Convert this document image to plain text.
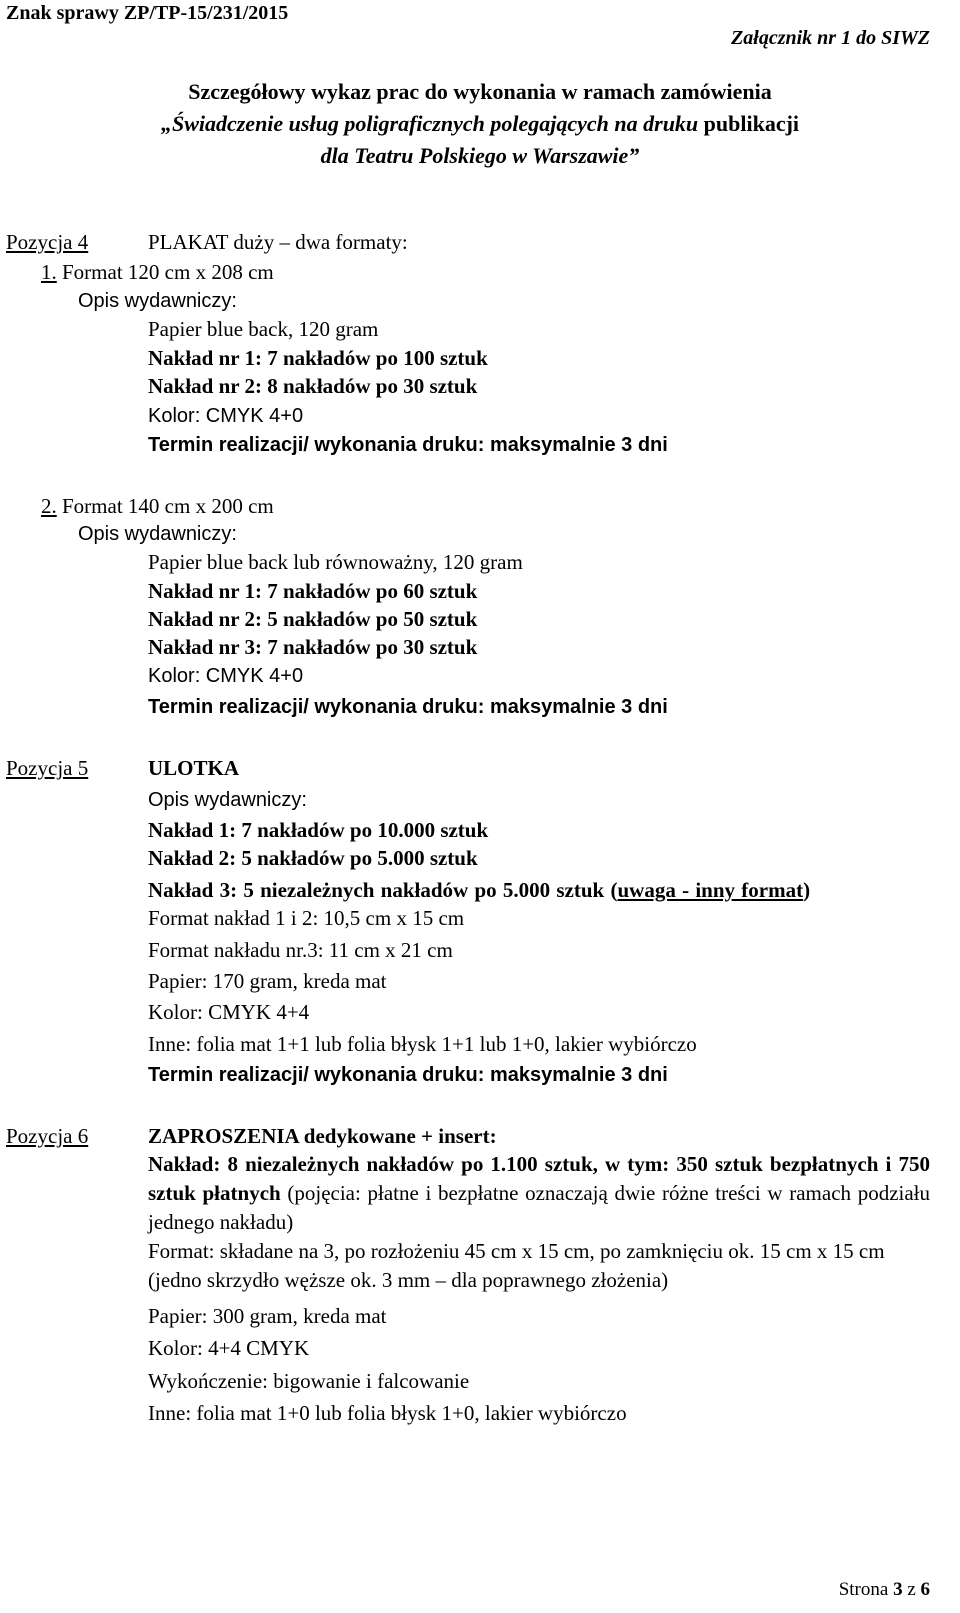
Znak sprawy ZP/TP-15/231/2015
Załącznik nr 1 do SIWZ
Szczegółowy wykaz prac do wykonania w ramach zamówienia
„Świadczenie usług poligraficznych polegających na druku publikacji
dla Teatru Polskiego w Warszawie”
Pozycja 4	PLAKAT duży – dwa formaty:
1. Format 120 cm x 208 cm
Opis wydawniczy:
Papier blue back, 120 gram
Nakład nr 1: 7 nakładów po 100 sztuk
Nakład nr 2: 8 nakładów po 30 sztuk
Kolor: CMYK 4+0
Termin realizacji/ wykonania druku: maksymalnie 3 dni
2. Format 140 cm x 200 cm
Opis wydawniczy:
Papier blue back lub równoważny, 120 gram
Nakład nr 1: 7 nakładów po 60 sztuk
Nakład nr 2: 5 nakładów po 50 sztuk
Nakład nr 3: 7 nakładów po 30 sztuk
Kolor: CMYK 4+0
Termin realizacji/ wykonania druku: maksymalnie 3 dni
Pozycja 5	ULOTKA
Opis wydawniczy:
Nakład 1: 7 nakładów po 10.000 sztuk
Nakład 2: 5 nakładów po 5.000 sztuk
Nakład 3: 5 niezależnych nakładów po 5.000 sztuk (uwaga - inny format)
Format nakład 1 i 2: 10,5 cm x 15 cm
Format nakładu nr.3: 11 cm x 21 cm
Papier: 170 gram, kreda mat
Kolor: CMYK 4+4
Inne: folia mat 1+1 lub folia błysk 1+1 lub 1+0, lakier wybiórczo
Termin realizacji/ wykonania druku: maksymalnie 3 dni
Pozycja 6	ZAPROSZENIA dedykowane + insert:
Nakład: 8 niezależnych nakładów po 1.100 sztuk, w tym: 350 sztuk bezpłatnych i 750 sztuk płatnych (pojęcia: płatne i bezpłatne oznaczają dwie różne treści w ramach podziału jednego nakładu)
Format: składane na 3, po rozłożeniu 45 cm x 15 cm, po zamknięciu ok. 15 cm x 15 cm (jedno skrzydło węższe ok. 3 mm – dla poprawnego złożenia)
Papier: 300 gram, kreda mat
Kolor: 4+4 CMYK
Wykończenie: bigowanie i falcowanie
Inne: folia mat 1+0 lub folia błysk 1+0, lakier wybiórczo
Strona 3 z 6
